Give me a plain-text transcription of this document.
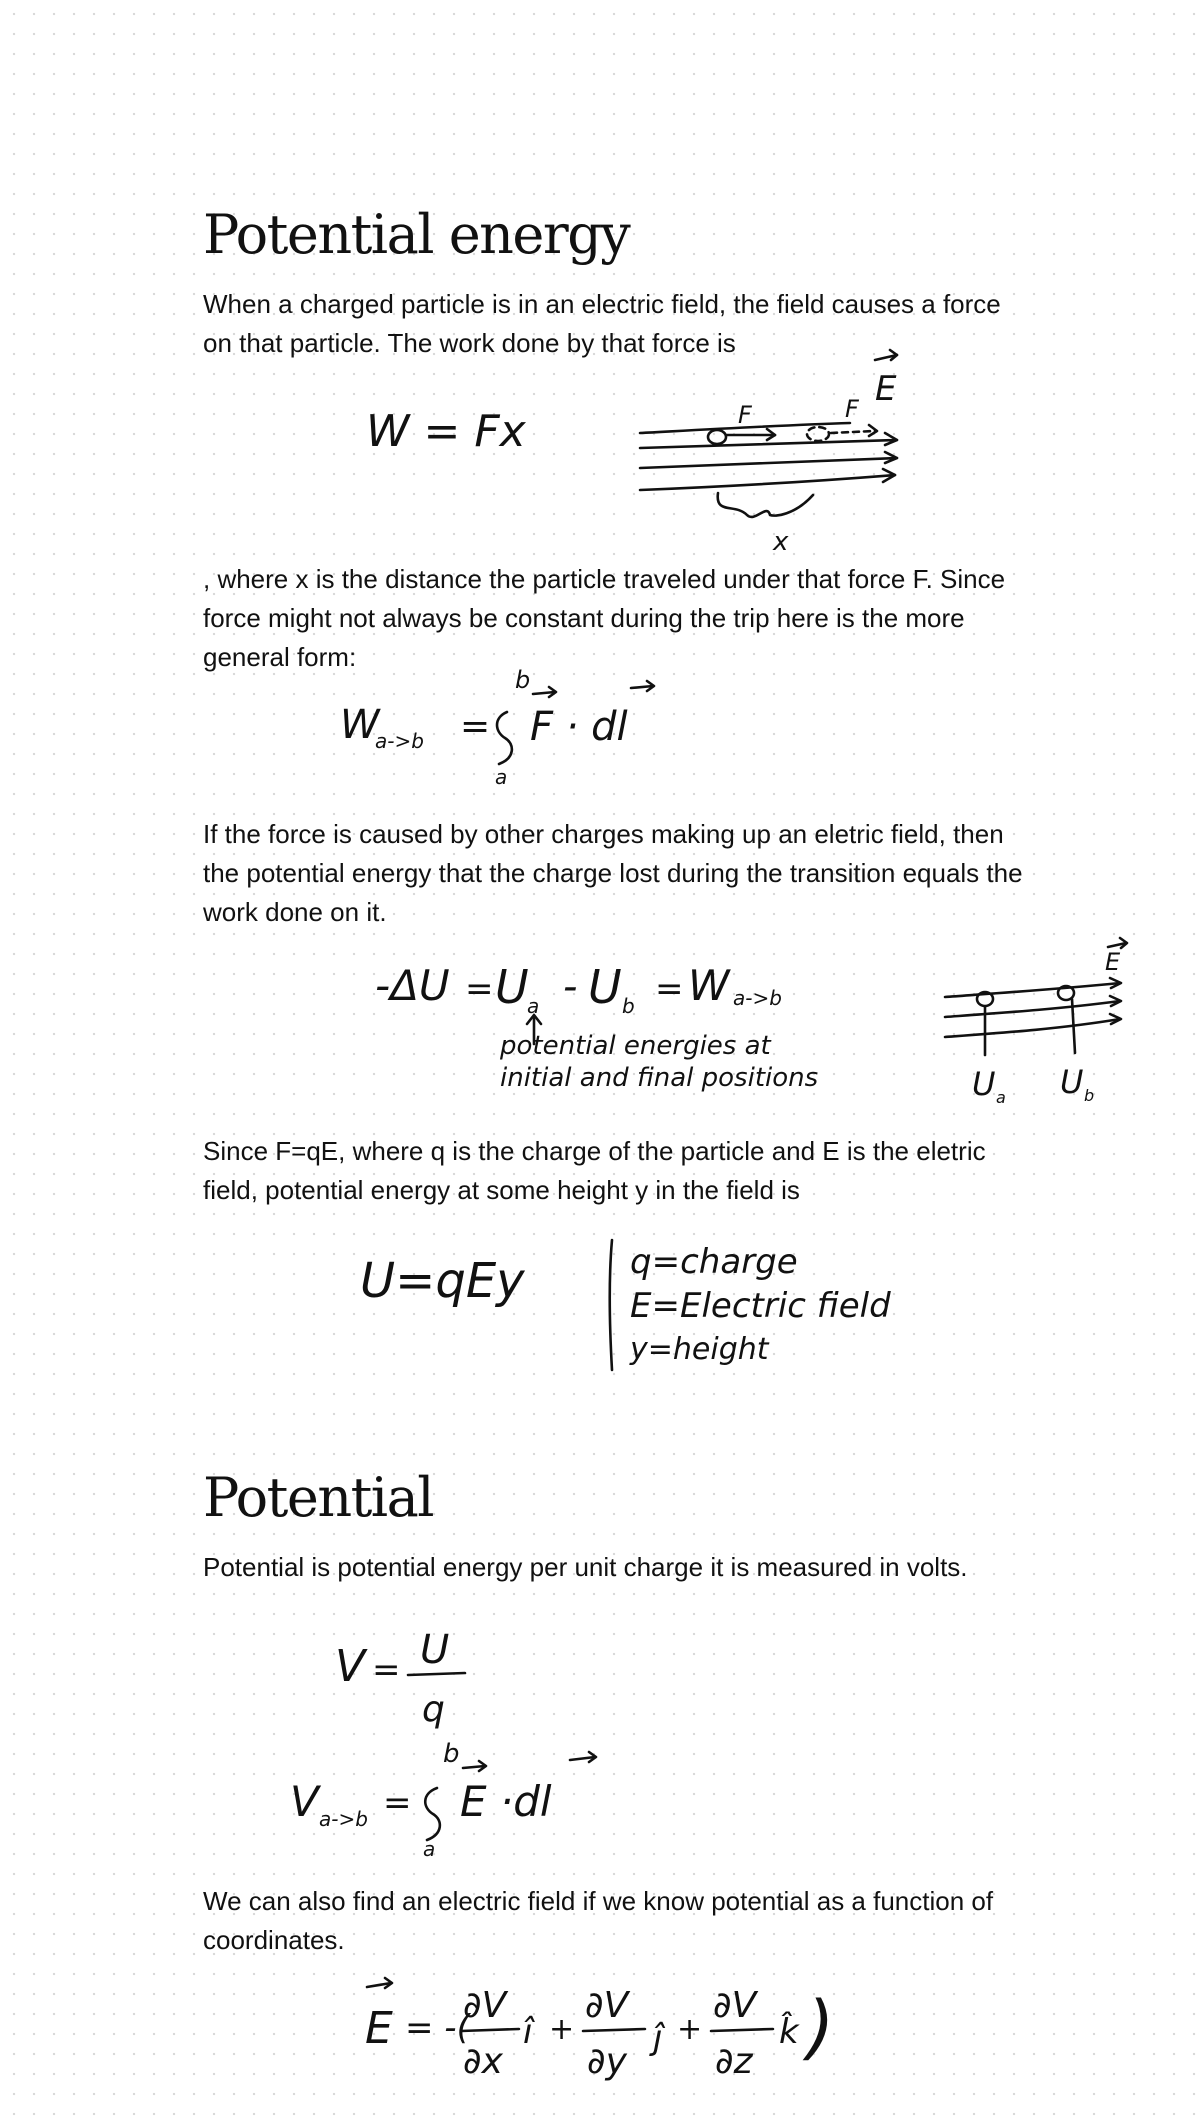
Potential energy

When a charged particle is in an electric field, the field causes a force on that particle. The work done by that force is

W = Fx	F	F E
x

, where x is the distance the particle traveled under that force F. Since force might not always be constant during the trip here is the more general form:

W
a->b =
b
a
F · dl

If the force is caused by other charges making up an eletric field, then the potential energy that the charge lost during the transition equals the work done on it.

-ΔU = U
a - U b = W a->b
potential energies at
initial and final positions
E
U a U b

Since F=qE, where q is the charge of the particle and E is the eletric field, potential energy at some height y in the field is

U=qEy	q=charge
E=Electric field
y=height
Potential

Potential is potential energy per unit charge it is measured in volts.

V = U
q
V a->b =
b
a
E ·dl

We can also find an electric field if we know potential as a function of coordinates.

E = -(
∂V
∂x
î +
∂V
∂y
ĵ +
∂V
∂z
k̂ )
